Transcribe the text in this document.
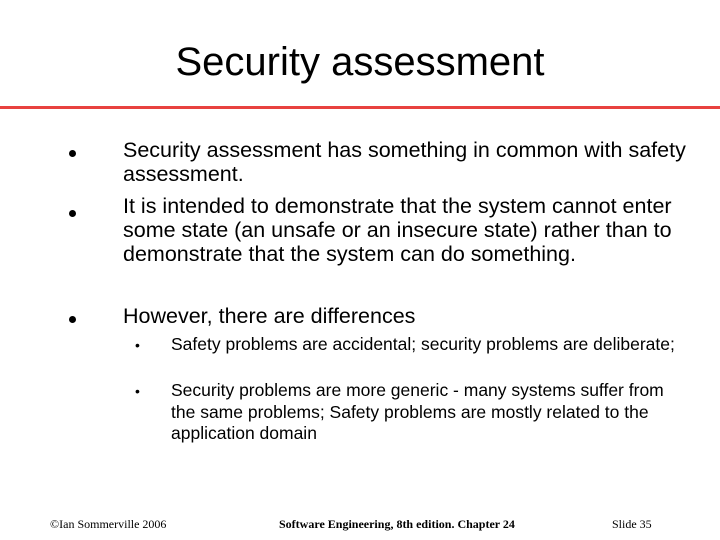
Security assessment
Security assessment has something in common with safety assessment.
It is intended to demonstrate that the system cannot enter some state (an unsafe or an insecure state) rather than to demonstrate that the system can do something.
However, there are differences
• Safety problems are accidental; security problems are deliberate;
• Security problems are more generic - many systems suffer from the same problems; Safety problems are mostly related to the application domain
©Ian Sommerville 2006	Software Engineering, 8th edition. Chapter 24	Slide 35
